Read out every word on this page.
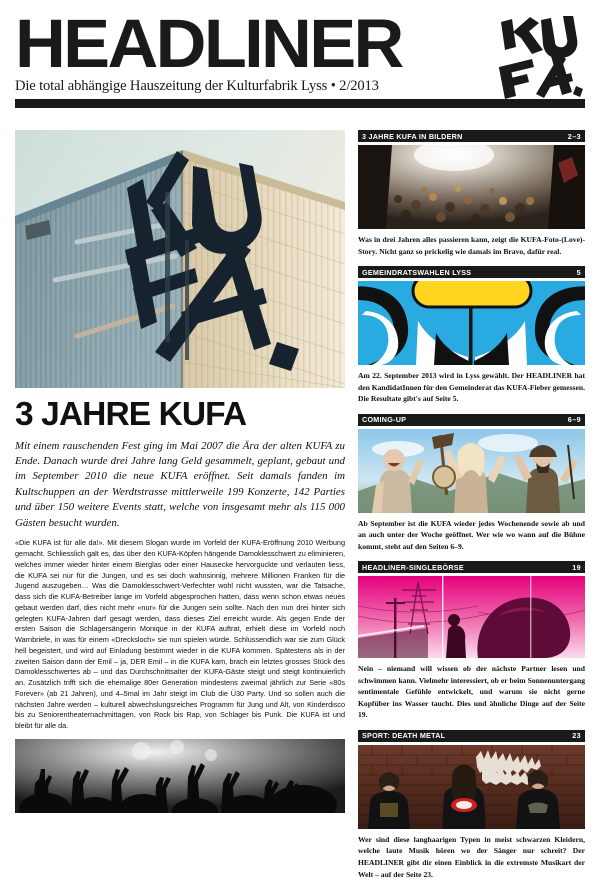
HEADLINER
Die total abhängige Hauszeitung der Kulturfabrik Lyss • 2/2013
3 JAHRE KUFA
Mit einem rauschenden Fest ging im Mai 2007 die Ära der alten KUFA zu Ende. Danach wurde drei Jahre lang Geld gesammelt, geplant, gebaut und im September 2010 die neue KUFA eröffnet. Seit damals fanden im Kultschuppen an der Werdtstrasse mittlerweile 199 Konzerte, 142 Parties und über 150 weitere Events statt, welche von insgesamt mehr als 115 000 Gästen besucht wurden.

«Die KUFA ist für alle da!». Mit diesem Slogan wurde im Vorfeld der KUFA-Eröffnung 2010 Werbung gemacht. Schliesslich galt es, das über den KUFA-Köpfen hängende Damoklesschwert zu eliminieren, welches immer wieder hinter einem Bierglas oder einer Hausecke hervorguckte und verlauten liess, die KUFA sei nur für die Jungen, und es sei doch wahnsinnig, mehrere Millionen Franken für die Jugend auszugeben… Was die Damoklesschwert-Verfechter wohl nicht wussten, war die Tatsache, dass sich die KUFA-Betreiber lange im Vorfeld abgesprochen hatten, dass wenn schon etwas neues gebaut werden darf, dies nicht mehr «nur» für die Jungen sein sollte. Nach den nun drei hinter sich gelegten KUFA-Jahren darf gesagt werden, dass dieses Ziel erreicht wurde. Als gegen Ende der ersten Saison die Schlagersängerin Monique in der KUFA auftrat, erhielt diese im Vorfeld noch Warnbriefe, in was für einem «Drecksloch» sie nun spielen würde. Schlussendlich war sie zum Glück hell begeistert, und wird auf Einladung bestimmt wieder in die KUFA kommen. Spätestens als in der zweiten Saison dann der Emil – ja, DER Emil – in die KUFA kam, brach ein letztes grosses Stück des Damoklesschwertes ab – und das Durchschnittsalter der KUFA-Gäste steigt und steigt kontinuierlich an. Zusätzlich trifft sich die ehemalige 80er Generation mindestens zweimal jährlich zur Serie «80s Forever» (ab 21 Jahren), und 4–5mal im Jahr steigt im Club die Ü30 Party. Und so sollen auch die nächsten Jahre werden – kulturell abwechslungsreiches Programm für Jung und Alt, von Kinderdisco bis zu Seniorentheaternachmittagen, von Rock bis Rap, von Schlager bis Punk. Die KUFA ist und bleibt für alle da.

3 JAHRE KUFA IN BILDERN	2–3
Was in drei Jahren alles passieren kann, zeigt die KUFA-Foto-(Love)-Story. Nicht ganz so prickelig wie damals im Bravo, dafür real.
GEMEINDRATSWAHLEN LYSS	5
Am 22. September 2013 wird in Lyss gewählt. Der HEADLINER hat den KandidatInnen für den Gemeinderat das KUFA-Fieber gemessen. Die Resultate gibt's auf Seite 5.
COMING-UP	6–9
Ab September ist die KUFA wieder jedes Wochenende sowie ab und an auch unter der Woche geöffnet. Wer wie wo wann auf die Bühne kommt, steht auf den Seiten 6–9.
HEADLINER-SINGLEBÖRSE	19
Nein – niemand will wissen ob der nächste Partner lesen und schwimmen kann. Vielmehr interessiert, ob er beim Sonnenuntergang sentimentale Gefühle entwickelt, und warum sie nicht gerne Kopfüber ins Wasser taucht. Dies und ähnliche Dinge auf der Seite 19.
SPORT: DEATH METAL	23
Wer sind diese langhaarigen Typen in meist schwarzen Kleidern, welche laute Musik hören wo der Sänger nur schreit? Der HEADLINER gibt dir einen Einblick in die extremste Musikart der Welt – auf der Seite 23.
